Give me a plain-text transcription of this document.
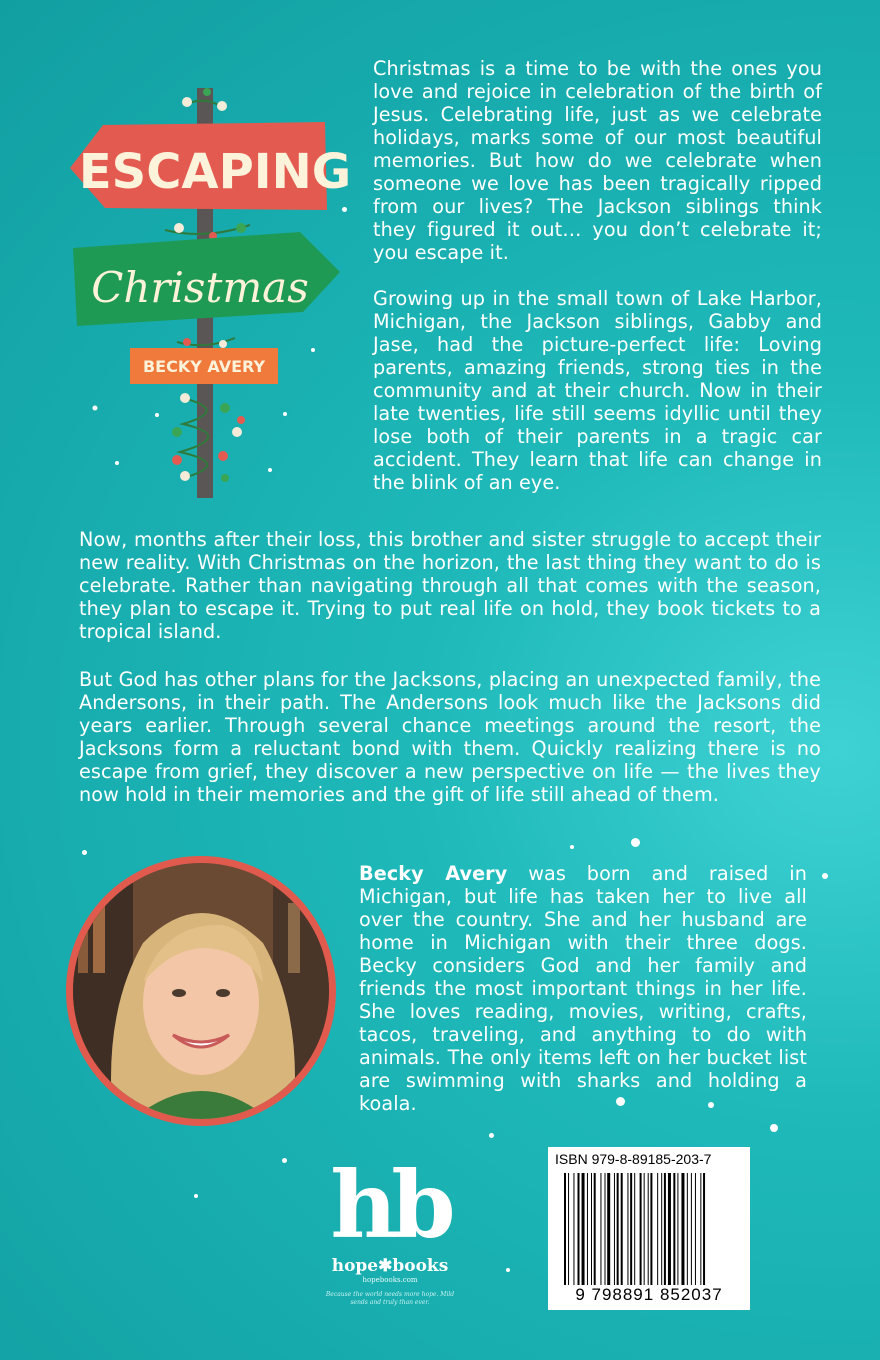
ESCAPING
Christmas
BECKY AVERY
Christmas is a time to be with the ones you love and rejoice in celebration of the birth of Jesus. Celebrating life, just as we celebrate holidays, marks some of our most beautiful memories. But how do we celebrate when someone we love has been tragically ripped from our lives? The Jackson siblings think they figured it out… you don’t celebrate it; you escape it.
Growing up in the small town of Lake Harbor, Michigan, the Jackson siblings, Gabby and Jase, had the picture-perfect life: Loving parents, amazing friends, strong ties in the community and at their church. Now in their late twenties, life still seems idyllic until they lose both of their parents in a tragic car accident. They learn that life can change in the blink of an eye.
Now, months after their loss, this brother and sister struggle to accept their new reality. With Christmas on the horizon, the last thing they want to do is celebrate. Rather than navigating through all that comes with the season, they plan to escape it. Trying to put real life on hold, they book tickets to a tropical island.
But God has other plans for the Jacksons, placing an unexpected family, the Andersons, in their path. The Andersons look much like the Jacksons did years earlier. Through several chance meetings around the resort, the Jacksons form a reluctant bond with them. Quickly realizing there is no escape from grief, they discover a new perspective on life — the lives they now hold in their memories and the gift of life still ahead of them.
Becky Avery was born and raised in Michigan, but life has taken her to live all over the country. She and her husband are home in Michigan with their three dogs. Becky considers God and her family and friends the most important things in her life. She loves reading, movies, writing, crafts, tacos, traveling, and anything to do with animals. The only items left on her bucket list are swimming with sharks and holding a koala.
hb
hope✱books
hopebooks.com
Because the world needs more hope. Mild sends and truly than ever.
ISBN 979-8-89185-203-7
9 798891 852037
